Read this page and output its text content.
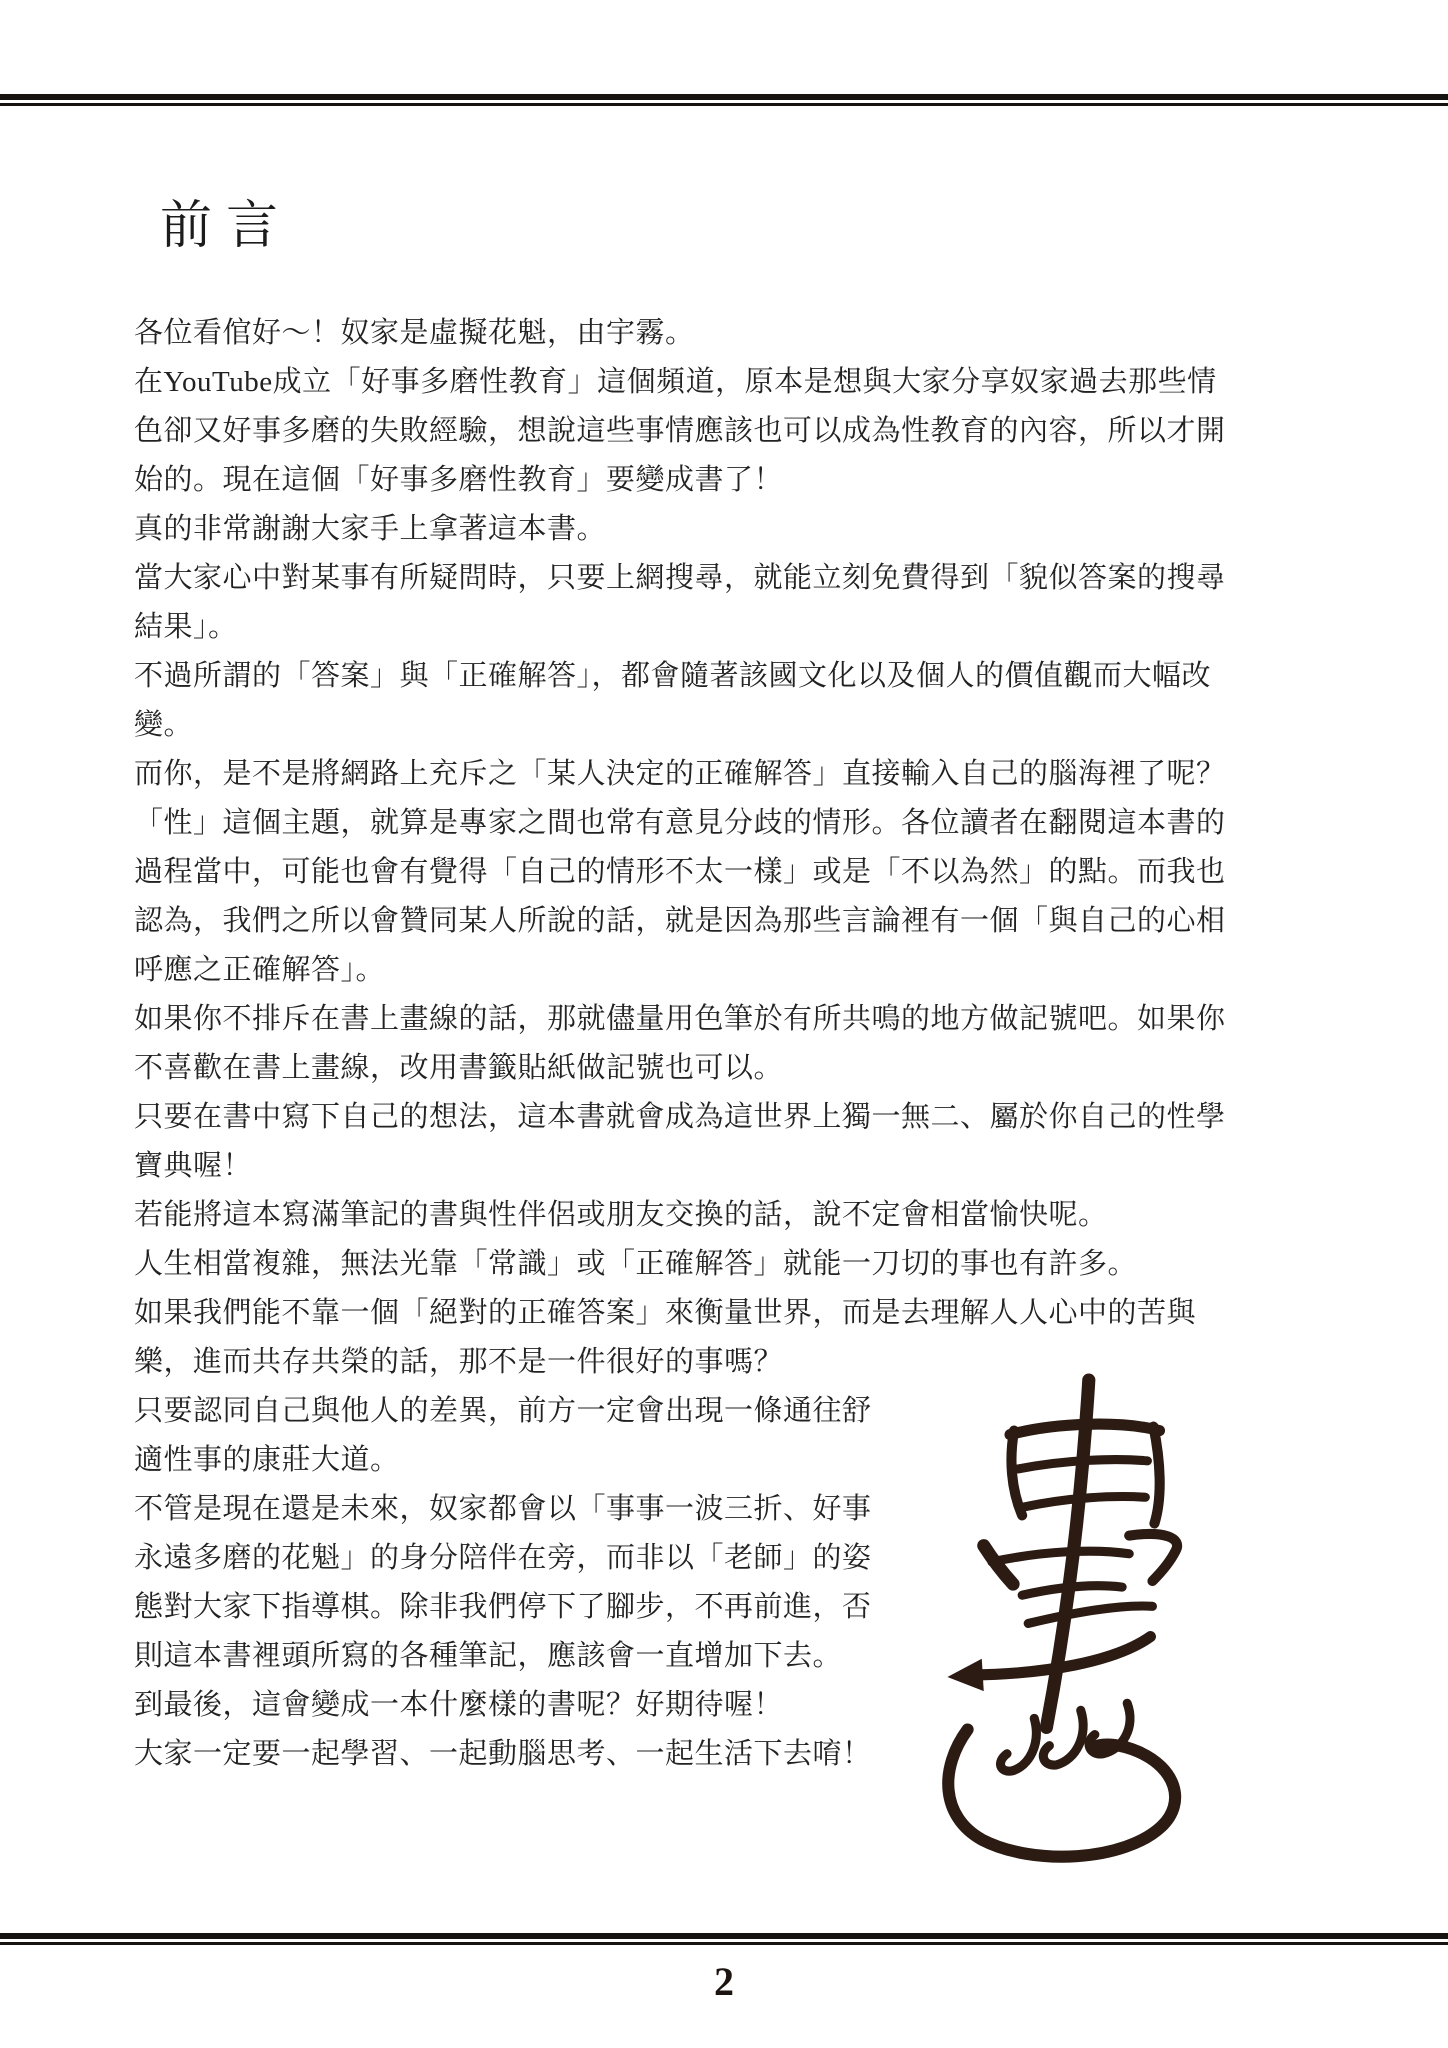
前言
各位看倌好～！奴家是虛擬花魁，由宇霧。
在YouTube成立「好事多磨性教育」這個頻道，原本是想與大家分享奴家過去那些情
色卻又好事多磨的失敗經驗，想說這些事情應該也可以成為性教育的內容，所以才開
始的。現在這個「好事多磨性教育」要變成書了！
真的非常謝謝大家手上拿著這本書。
當大家心中對某事有所疑問時，只要上網搜尋，就能立刻免費得到「貌似答案的搜尋
結果」。
不過所謂的「答案」與「正確解答」，都會隨著該國文化以及個人的價值觀而大幅改
變。
而你，是不是將網路上充斥之「某人決定的正確解答」直接輸入自己的腦海裡了呢？
「性」這個主題，就算是專家之間也常有意見分歧的情形。各位讀者在翻閱這本書的
過程當中，可能也會有覺得「自己的情形不太一樣」或是「不以為然」的點。而我也
認為，我們之所以會贊同某人所說的話，就是因為那些言論裡有一個「與自己的心相
呼應之正確解答」。
如果你不排斥在書上畫線的話，那就儘量用色筆於有所共鳴的地方做記號吧。如果你
不喜歡在書上畫線，改用書籤貼紙做記號也可以。
只要在書中寫下自己的想法，這本書就會成為這世界上獨一無二、屬於你自己的性學
寶典喔！
若能將這本寫滿筆記的書與性伴侶或朋友交換的話，說不定會相當愉快呢。
人生相當複雜，無法光靠「常識」或「正確解答」就能一刀切的事也有許多。
如果我們能不靠一個「絕對的正確答案」來衡量世界，而是去理解人人心中的苦與
樂，進而共存共榮的話，那不是一件很好的事嗎？
只要認同自己與他人的差異，前方一定會出現一條通往舒
適性事的康莊大道。
不管是現在還是未來，奴家都會以「事事一波三折、好事
永遠多磨的花魁」的身分陪伴在旁，而非以「老師」的姿
態對大家下指導棋。除非我們停下了腳步，不再前進，否
則這本書裡頭所寫的各種筆記，應該會一直增加下去。
到最後，這會變成一本什麼樣的書呢？好期待喔！
大家一定要一起學習、一起動腦思考、一起生活下去唷！
2
